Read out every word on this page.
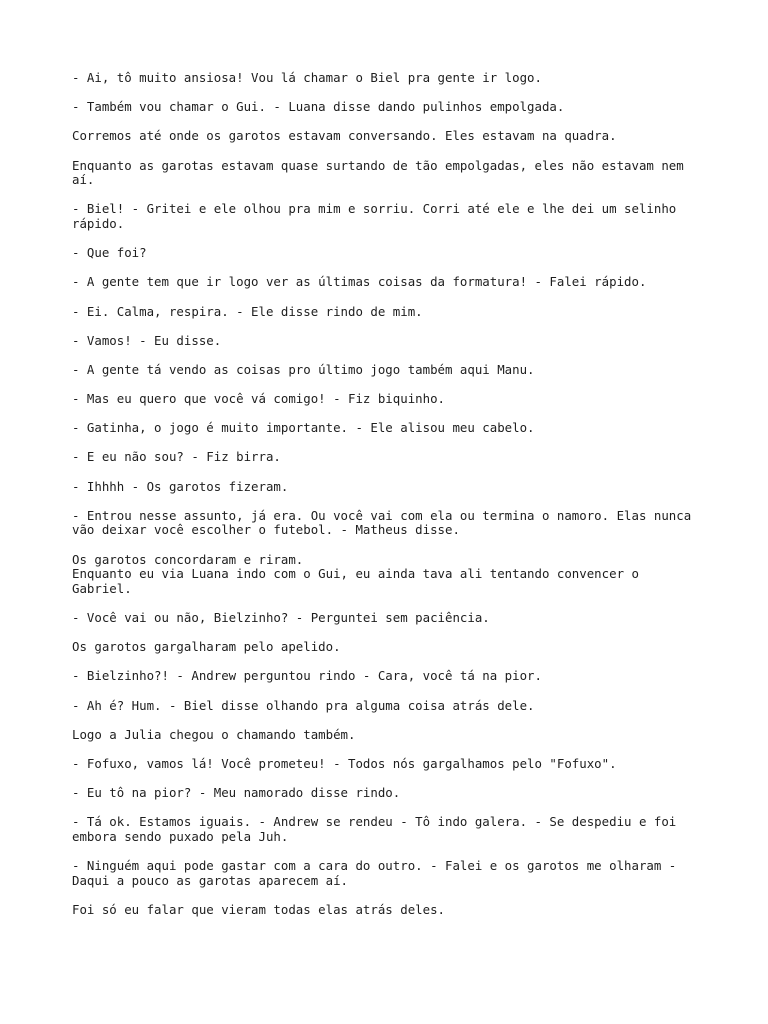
- Ai, tô muito ansiosa! Vou lá chamar o Biel pra gente ir logo.

- Também vou chamar o Gui. - Luana disse dando pulinhos empolgada.

Corremos até onde os garotos estavam conversando. Eles estavam na quadra.

Enquanto as garotas estavam quase surtando de tão empolgadas, eles não estavam nem
aí.

- Biel! - Gritei e ele olhou pra mim e sorriu. Corri até ele e lhe dei um selinho
rápido.

- Que foi?

- A gente tem que ir logo ver as últimas coisas da formatura! - Falei rápido.

- Ei. Calma, respira. - Ele disse rindo de mim.

- Vamos! - Eu disse.

- A gente tá vendo as coisas pro último jogo também aqui Manu.

- Mas eu quero que você vá comigo! - Fiz biquinho.

- Gatinha, o jogo é muito importante. - Ele alisou meu cabelo.

- E eu não sou? - Fiz birra.

- Ihhhh - Os garotos fizeram.

- Entrou nesse assunto, já era. Ou você vai com ela ou termina o namoro. Elas nunca
vão deixar você escolher o futebol. - Matheus disse.

Os garotos concordaram e riram.
Enquanto eu via Luana indo com o Gui, eu ainda tava ali tentando convencer o
Gabriel.

- Você vai ou não, Bielzinho? - Perguntei sem paciência.

Os garotos gargalharam pelo apelido.

- Bielzinho?! - Andrew perguntou rindo - Cara, você tá na pior.

- Ah é? Hum. - Biel disse olhando pra alguma coisa atrás dele.

Logo a Julia chegou o chamando também.

- Fofuxo, vamos lá! Você prometeu! - Todos nós gargalhamos pelo "Fofuxo".

- Eu tô na pior? - Meu namorado disse rindo.

- Tá ok. Estamos iguais. - Andrew se rendeu - Tô indo galera. - Se despediu e foi
embora sendo puxado pela Juh.

- Ninguém aqui pode gastar com a cara do outro. - Falei e os garotos me olharam -
Daqui a pouco as garotas aparecem aí.

Foi só eu falar que vieram todas elas atrás deles.
